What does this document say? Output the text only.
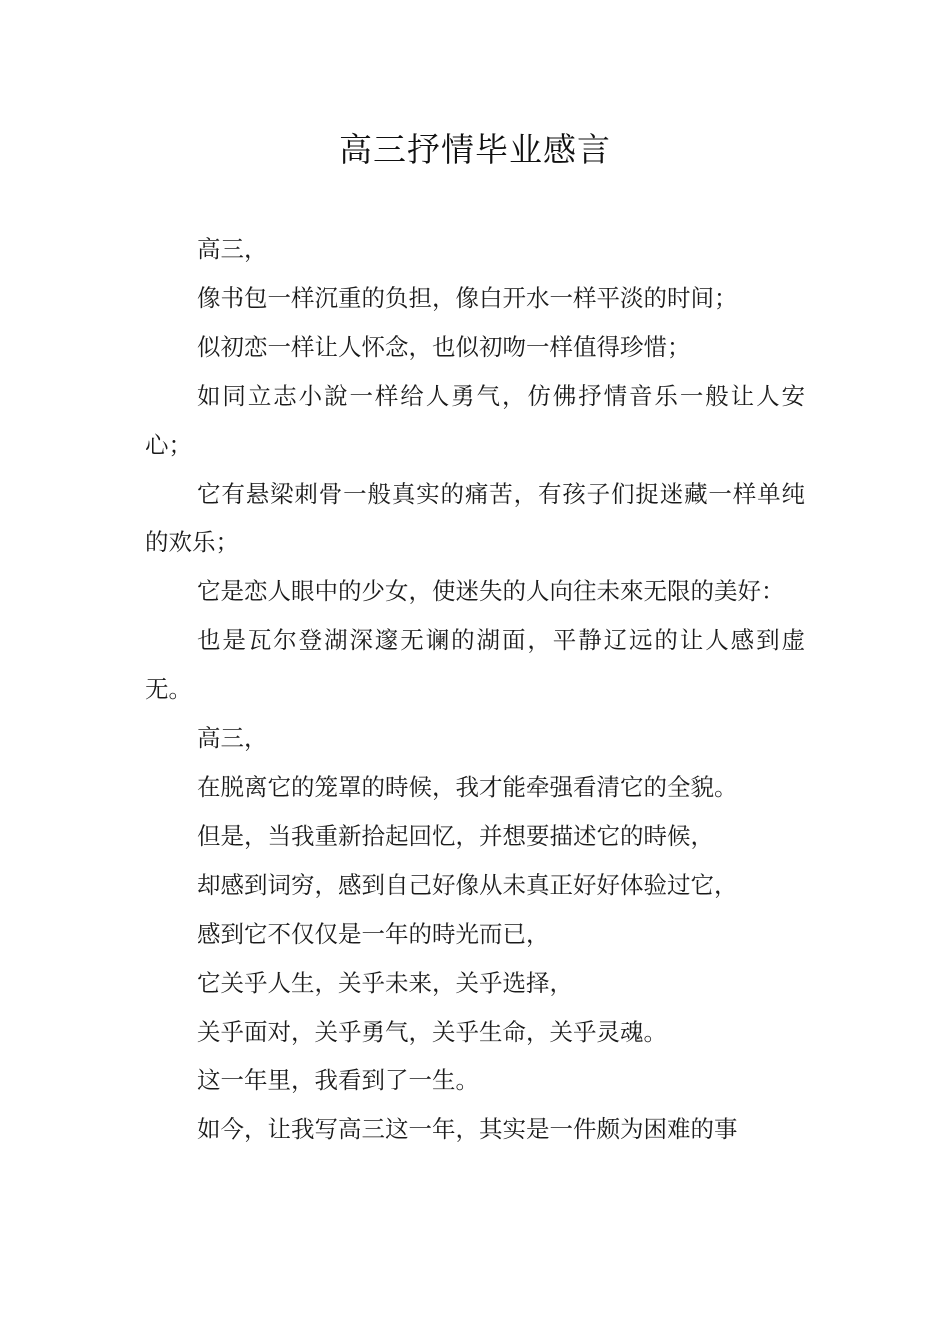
高三抒情毕业感言

高三，

像书包一样沉重的负担，像白开水一样平淡的时间；

似初恋一样让人怀念，也似初吻一样值得珍惜；

如同立志小說一样给人勇气，仿佛抒情音乐一般让人安心；

它有悬梁刺骨一般真实的痛苦，有孩子们捉迷藏一样单纯的欢乐；

它是恋人眼中的少女，使迷失的人向往未來无限的美好：

也是瓦尔登湖深邃无谰的湖面，平静辽远的让人感到虚无。

高三，

在脱离它的笼罩的時候，我才能牵强看清它的全貌。

但是，当我重新拾起回忆，并想要描述它的時候，

却感到词穷，感到自己好像从未真正好好体验过它，

感到它不仅仅是一年的時光而已，

它关乎人生，关乎未来，关乎选择，

关乎面对，关乎勇气，关乎生命，关乎灵魂。

这一年里，我看到了一生。

如今，让我写高三这一年，其实是一件颇为困难的事
